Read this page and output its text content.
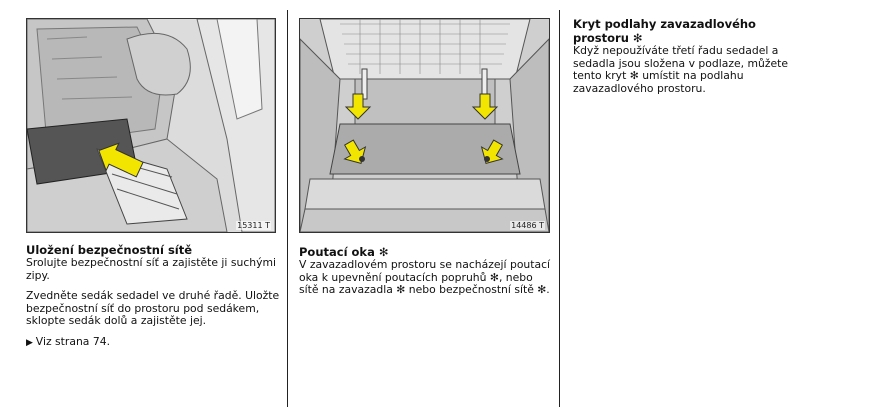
15311 T
Uložení bezpečnostní sítě

Srolujte bezpečnostní síť a zajistěte ji suchými zipy.

Zvedněte sedák sedadel ve druhé řadě. Uložte bezpečnostní síť do prostoru pod sedákem, sklopte sedák dolů a zajistěte jej.

▶ Viz strana 74.

14486 T
Poutací oka ✻

V zavazadlovém prostoru se nacházejí poutací oka k upevnění poutacích popruhů ✻, nebo sítě na zavazadla ✻ nebo bezpečnostní sítě ✻.

Kryt podlahy zavazadlového prostoru ✻

Když nepoužíváte třetí řadu sedadel a sedadla jsou složena v podlaze, můžete tento kryt ✻ umístit na podlahu zavazadlového prostoru.
